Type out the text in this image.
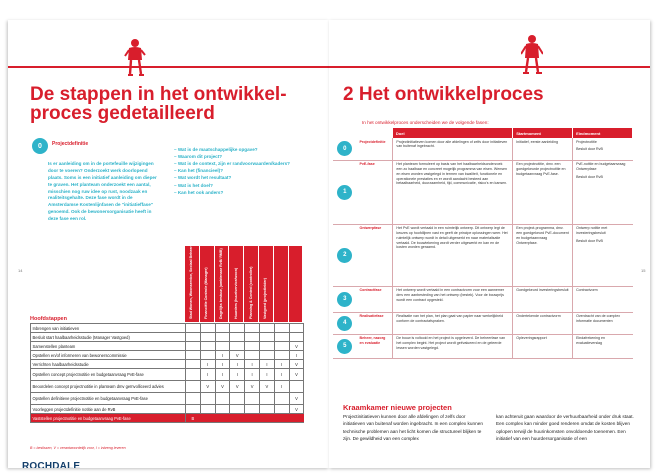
De stappen in het ontwikkel-proces gedetailleerd
14
0	Projectdefinitie

Is er aanleiding om in de portefeuille wijzigingen door te voeren? Onderzoekt werk doorlopend plaats. Soms is een initiatief aanleiding om dieper te graven. Het planteam onderzoekt een aantal, misschien nog ruw idee op rust, noodzaak en realiteitsgehalte. Deze fase wordt in de Amsterdamse Kostenlijnfasen de "initiatieffase" genoemd. Ook de bewonersorganisatie heeft in deze fase een rol.

– Wat is de maatschappelijke opgave?
– Waarom dit project?
– Wat is de context, zijn er randvoorwaarden/kaders?
– Kan het (financieel)?
– Wat wordt het resultaat?
– Wat is het doel?
– Kan het ook anders?
Raad van Bestuur	Strategisch Commissie (strategische en coördinatie)	Stad Wonen, Woonservice, Sociaal Beheer (directie/manager)	Financiële Controle (Manager)	Dagelijks bestuur, (ambtenaar RvB/ RMB)	Huurders (huur/service/woon)	Planning & Control (controller)	Vastgoed (projectleider)
Hoofdstappen
Inbrengen van initiatieven								
Besluit start haalbaarheidsstudie (Manager Vastgoed)								
Samenstellen planteam								V
Opstellen en/of informeren van bewonerscommissie			I	V				I
Verrichten haalbaarheidsstudie		I	I	I	I	I	I	V
Opstellen concept projectnotitie en budgetaanvraag PvE-fase		I	I	I	I	I	I	V
Beoordelen concept projectnotitie in planteam dmv geïnvolliceerd advies		V	V	V	V	V	I	
Opstellen definitieve projectnotitie en budgetaanvraag PvE-fase								V
Voorleggen projectdefinitie notitie aan de RvB								V
Vaststellen projectnotitie en budgetaanvraag PvE-fase	B							
B = beslissen, V = verantwoordelijk voor, I = inbreng leveren
ROCHDALE
2 Het ontwikkelproces
15
In het ontwikkelproces onderscheiden we de volgende fasen:
		Doel	Startmoment	Eindmoment

0	Projectdefinitie	Projectinitiatieven komen door alle afdelingen of zelfs door initiatieven van buitenaf ingebracht.	Initiatief, eerste aanleiding	Projectnotitie
Besluit door RvB

1	PvE-fase	Het planteam formuleert op basis van het haalbaarheidsonderzoek een zo haalbaar en concreet mogelijk programma van eisen. Wensen en eisen worden vastgelegd in termen van kwaliteit, functionele en operationele prestaties en er wordt aandacht besteed aan betaalbaarheid, duurzaamheid, tijd, communicatie, risico's en kansen.	Een projectnotitie, dmv. een goedgekeurde projectnotitie en budgetaanvraag PvE-fase.	PvE-notitie en budgetaanvraag Ontwerpfase
Besluit door RvB

2	Ontwerpfase	Het PvE wordt vertaald in een ruimtelijk ontwerp. Dit ontwerp legt de keuzes op hoofdlijnen vast en geeft de principe oplossingen weer. Het ruimtelijk ontwerp wordt in detail uitgewerkt en naar materialisatie vertaald. De bouwtekening wordt verder uitgewerkt en kan en de kosten worden geraamd.	Een project-programma, dmv. een goedgekeurd PvE-document en budgetaanvraag Ontwerpfase.	Ontwerp notitie met investeringsbesluit
Besluit door RvB

3	Contractfase	Het ontwerp wordt vertaald in een contractvorm voor een aannemer dmv een aanbesteding van het ontwerp (bestek). Voor de bouwprijs wordt een contract opgesteld.	Goedgekeurd investeringsbesluit	Contractvorm

4	Realisatiefase	Realisatie van het plan, het plan gaat van papier naar werkelijkheid conform de contractafspraken.	Ondertekende contractvorm	Overdracht van de complex informatie documenten

5	Beheer, nazorg en evaluatie	De bouw is voltooid en het project is opgeleverd. De beheerfase van het complex begint. Het project wordt geëvalueerd en de geleerde lessen worden vastgelegd.	Opleveringsrapport	Eindafrekening en evaluatieverslag
Kraamkamer nieuwe projecten

Projectinitiatieven kunnen door alle afdelingen of zelfs door initiatieven van buitenaf worden ingebracht. In een complex kunnen technische problemen aan het licht komen die structureel blijken te zijn. De gewildheid van een complex

kan achteruit gaan waardoor de verhuurbaarheid onder druk staat. Een complex kan minder goed renderen omdat de kosten blijven oplopen terwijl de huurinkomsten onvoldoende toenemen. Een initiatief van een huurdersorganisatie of een
